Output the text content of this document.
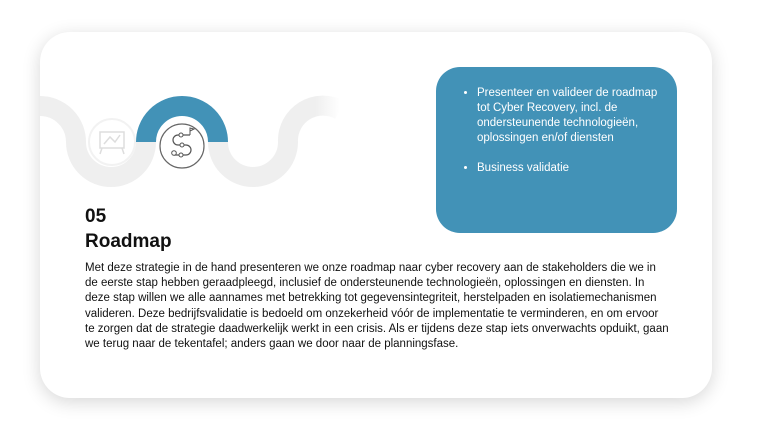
• Presenteer en valideer de roadmap tot Cyber Recovery, incl. de ondersteunende technologieën, oplossingen en/of diensten
• Business validatie
05
Roadmap
Met deze strategie in de hand presenteren we onze roadmap naar cyber recovery aan de stakeholders die we in de eerste stap hebben geraadpleegd, inclusief de ondersteunende technologieën, oplossingen en diensten. In deze stap willen we alle aannames met betrekking tot gegevensintegriteit, herstelpaden en isolatiemechanismen valideren. Deze bedrijfsvalidatie is bedoeld om onzekerheid vóór de implementatie te verminderen, en om ervoor te zorgen dat de strategie daadwerkelijk werkt in een crisis. Als er tijdens deze stap iets onverwachts opduikt, gaan we terug naar de tekentafel; anders gaan we door naar de planningsfase.
